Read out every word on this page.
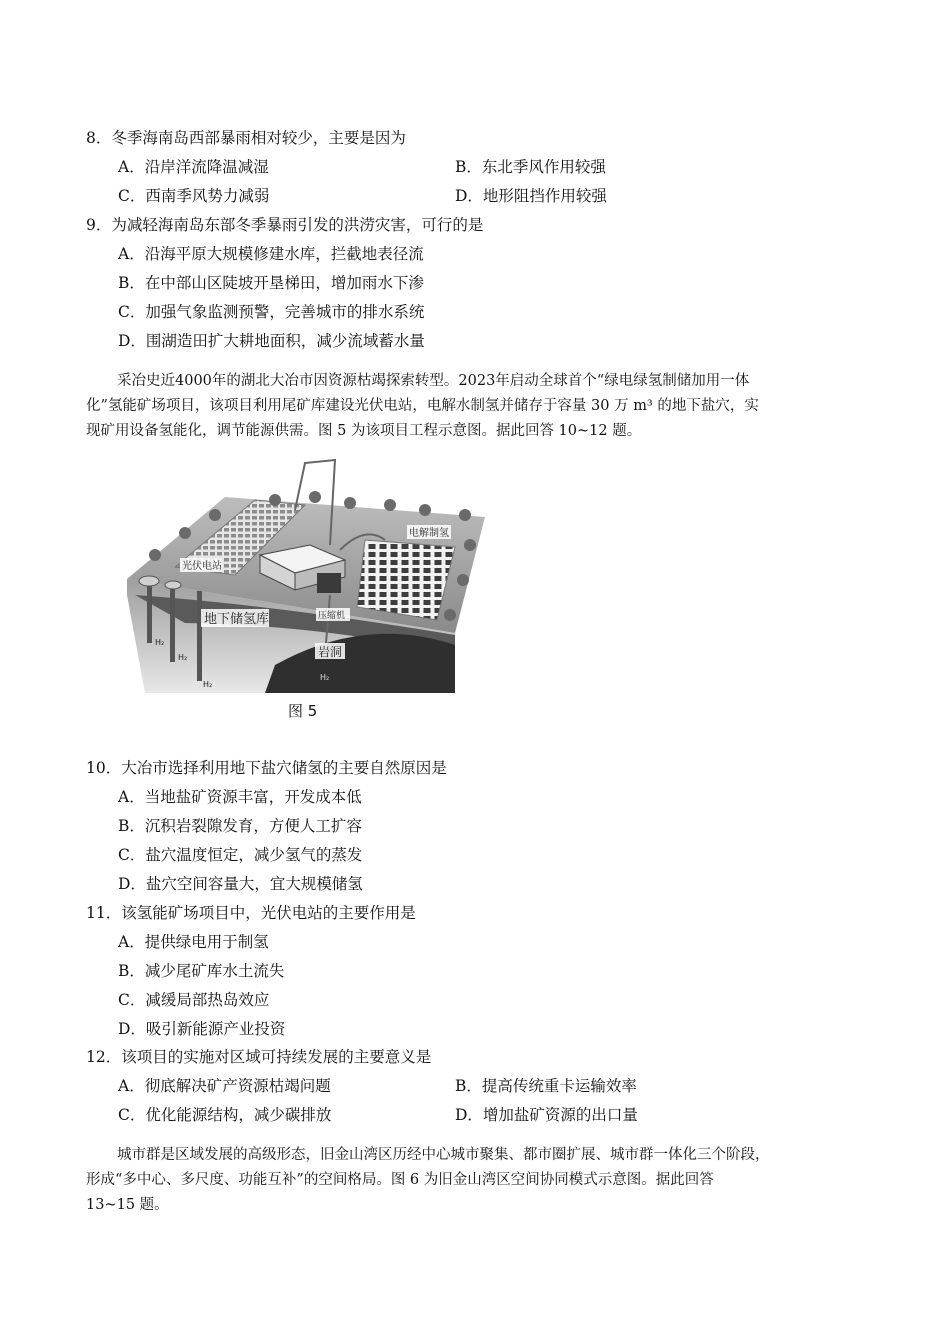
8．冬季海南岛西部暴雨相对较少，主要是因为
A．沿岸洋流降温减湿	B．东北季风作用较强
C．西南季风势力减弱	D．地形阻挡作用较强
9．为减轻海南岛东部冬季暴雨引发的洪涝灾害，可行的是
A．沿海平原大规模修建水库，拦截地表径流
B．在中部山区陡坡开垦梯田，增加雨水下渗
C．加强气象监测预警，完善城市的排水系统
D．围湖造田扩大耕地面积，减少流域蓄水量
采冶史近4000年的湖北大冶市因资源枯竭探索转型。2023年启动全球首个“绿电绿氢制储加用一体
化”氢能矿场项目，该项目利用尾矿库建设光伏电站，电解水制氢并储存于容量 30 万 m³ 的地下盐穴，实
现矿用设备氢能化，调节能源供需。图 5 为该项目工程示意图。据此回答 10~12 题。
光伏电站
电解制氢
压缩机
地下储氢库
岩洞
H₂
H₂
H₂
H₂
图 5
10．大冶市选择利用地下盐穴储氢的主要自然原因是
A．当地盐矿资源丰富，开发成本低
B．沉积岩裂隙发育，方便人工扩容
C．盐穴温度恒定，减少氢气的蒸发
D．盐穴空间容量大，宜大规模储氢
11．该氢能矿场项目中，光伏电站的主要作用是
A．提供绿电用于制氢
B．减少尾矿库水土流失
C．减缓局部热岛效应
D．吸引新能源产业投资
12．该项目的实施对区域可持续发展的主要意义是
A．彻底解决矿产资源枯竭问题	B．提高传统重卡运输效率
C．优化能源结构，减少碳排放	D．增加盐矿资源的出口量
城市群是区域发展的高级形态，旧金山湾区历经中心城市聚集、都市圈扩展、城市群一体化三个阶段，
形成“多中心、多尺度、功能互补”的空间格局。图 6 为旧金山湾区空间协同模式示意图。据此回答
13~15 题。
